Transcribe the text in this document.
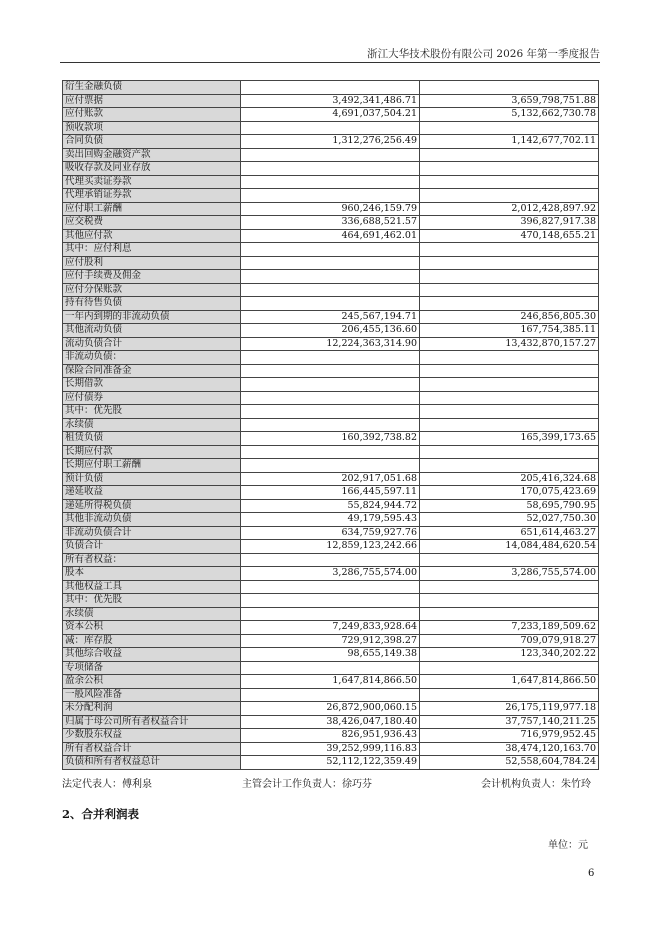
浙江大华技术股份有限公司 2026 年第一季度报告
衍生金融负债		
应付票据	3,492,341,486.71	3,659,798,751.88
应付账款	4,691,037,504.21	5,132,662,730.78
预收款项		
合同负债	1,312,276,256.49	1,142,677,702.11
卖出回购金融资产款		
吸收存款及同业存放		
代理买卖证券款		
代理承销证券款		
应付职工薪酬	960,246,159.79	2,012,428,897.92
应交税费	336,688,521.57	396,827,917.38
其他应付款	464,691,462.01	470,148,655.21
其中：应付利息		
应付股利		
应付手续费及佣金		
应付分保账款		
持有待售负债		
一年内到期的非流动负债	245,567,194.71	246,856,805.30
其他流动负债	206,455,136.60	167,754,385.11
流动负债合计	12,224,363,314.90	13,432,870,157.27
非流动负债：		
保险合同准备金		
长期借款		
应付债券		
其中：优先股		
永续债		
租赁负债	160,392,738.82	165,399,173.65
长期应付款		
长期应付职工薪酬		
预计负债	202,917,051.68	205,416,324.68
递延收益	166,445,597.11	170,075,423.69
递延所得税负债	55,824,944.72	58,695,790.95
其他非流动负债	49,179,595.43	52,027,750.30
非流动负债合计	634,759,927.76	651,614,463.27
负债合计	12,859,123,242.66	14,084,484,620.54
所有者权益：		
股本	3,286,755,574.00	3,286,755,574.00
其他权益工具		
其中：优先股		
永续债		
资本公积	7,249,833,928.64	7,233,189,509.62
减：库存股	729,912,398.27	709,079,918.27
其他综合收益	98,655,149.38	123,340,202.22
专项储备		
盈余公积	1,647,814,866.50	1,647,814,866.50
一般风险准备		
未分配利润	26,872,900,060.15	26,175,119,977.18
归属于母公司所有者权益合计	38,426,047,180.40	37,757,140,211.25
少数股东权益	826,951,936.43	716,979,952.45
所有者权益合计	39,252,999,116.83	38,474,120,163.70
负债和所有者权益总计	52,112,122,359.49	52,558,604,784.24
法定代表人：傅利泉	主管会计工作负责人：徐巧芬	会计机构负责人：朱竹玲
2、合并利润表
单位：元
6
